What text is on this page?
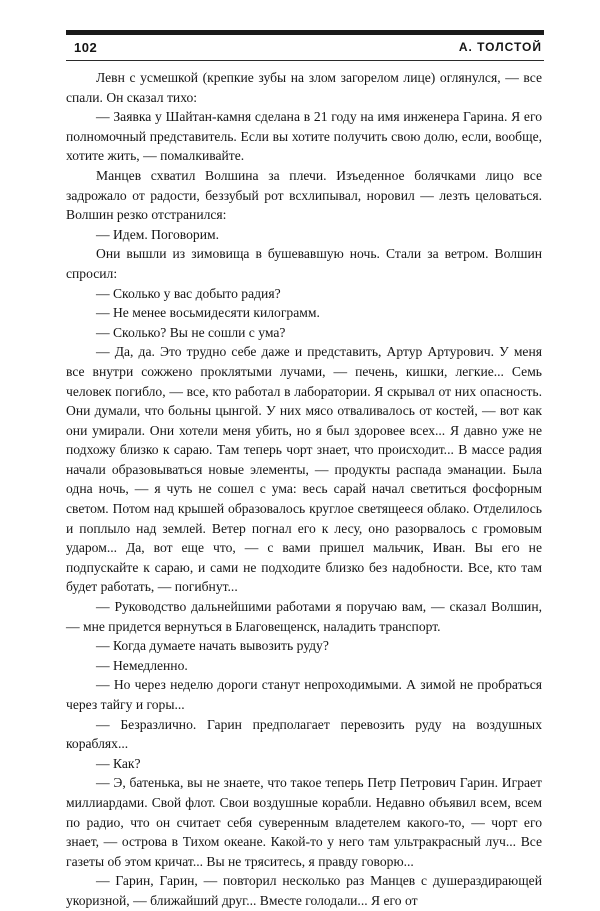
102	А. ТОЛСТОЙ

Левн с усмешкой (крепкие зубы на злом загорелом лице) оглянулся, — все спали. Он сказал тихо:

— Заявка у Шайтан-камня сделана в 21 году на имя инженера Гарина. Я его полномочный представитель. Если вы хотите получить свою долю, если, вообще, хотите жить, — помалкивайте.

Манцев схватил Волшина за плечи. Изъеденное болячками лицо все задрожало от радости, беззубый рот всхлипывал, норовил — лезть целоваться. Волшин резко отстранился:

— Идем. Поговорим.

Они вышли из зимовища в бушевавшую ночь. Стали за ветром. Волшин спросил:

— Сколько у вас добыто радия?

— Не менее восьмидесяти килограмм.

— Сколько? Вы не сошли с ума?

— Да, да. Это трудно себе даже и представить, Артур Артурович. У меня все внутри сожжено проклятыми лучами, — печень, кишки, легкие... Семь человек погибло, — все, кто работал в лаборатории. Я скрывал от них опасность. Они думали, что больны цынгой. У них мясо отваливалось от костей, — вот как они умирали. Они хотели меня убить, но я был здоровее всех... Я давно уже не подхожу близко к сараю. Там теперь чорт знает, что происходит... В массе радия начали образовываться новые элементы, — продукты распада эманации. Была одна ночь, — я чуть не сошел с ума: весь сарай начал светиться фосфорным светом. Потом над крышей образовалось круглое светящееся облако. Отделилось и поплыло над землей. Ветер погнал его к лесу, оно разорвалось с громовым ударом... Да, вот еще что, — с вами пришел мальчик, Иван. Вы его не подпускайте к сараю, и сами не подходите близко без надобности. Все, кто там будет работать, — погибнут...

— Руководство дальнейшими работами я поручаю вам, — сказал Волшин, — мне придется вернуться в Благовещенск, наладить транспорт.

— Когда думаете начать вывозить руду?

— Немедленно.

— Но через неделю дороги станут непроходимыми. А зимой не пробраться через тайгу и горы...

— Безразлично. Гарин предполагает перевозить руду на воздушных кораблях...

— Как?

— Э, батенька, вы не знаете, что такое теперь Петр Петрович Гарин. Играет миллиардами. Свой флот. Свои воздушные корабли. Недавно объявил всем, всем по радио, что он считает себя суверенным владетелем какого-то, — чорт его знает, — острова в Тихом океане. Какой-то у него там ультракрасный луч... Все газеты об этом кричат... Вы не тряситесь, я правду говорю...

— Гарин, Гарин, — повторил несколько раз Манцев с душераздирающей укоризной, — ближайший друг... Вместе голодали... Я его от
